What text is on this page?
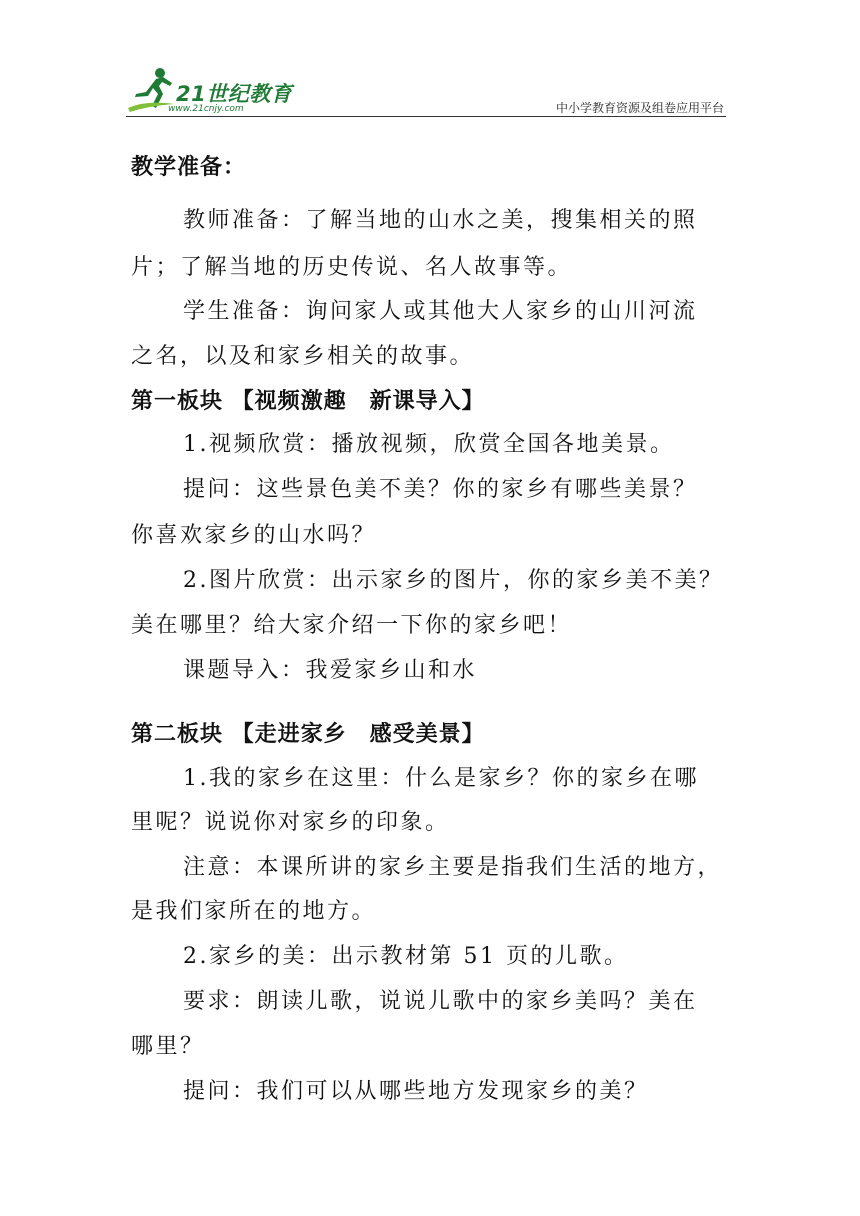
21世纪教育
www.21cnjy.com	中小学教育资源及组卷应用平台
教学准备：
教师准备：了解当地的山水之美，搜集相关的照
片；了解当地的历史传说、名人故事等。
学生准备：询问家人或其他大人家乡的山川河流
之名，以及和家乡相关的故事。
第一板块 【视频激趣　新课导入】
1.视频欣赏：播放视频，欣赏全国各地美景。
提问：这些景色美不美？你的家乡有哪些美景？
你喜欢家乡的山水吗？
2.图片欣赏：出示家乡的图片，你的家乡美不美？
美在哪里？给大家介绍一下你的家乡吧！
课题导入：我爱家乡山和水
第二板块 【走进家乡　感受美景】
1.我的家乡在这里：什么是家乡？你的家乡在哪
里呢？说说你对家乡的印象。
注意：本课所讲的家乡主要是指我们生活的地方，
是我们家所在的地方。
2.家乡的美：出示教材第 51 页的儿歌。
要求：朗读儿歌，说说儿歌中的家乡美吗？美在
哪里？
提问：我们可以从哪些地方发现家乡的美？
